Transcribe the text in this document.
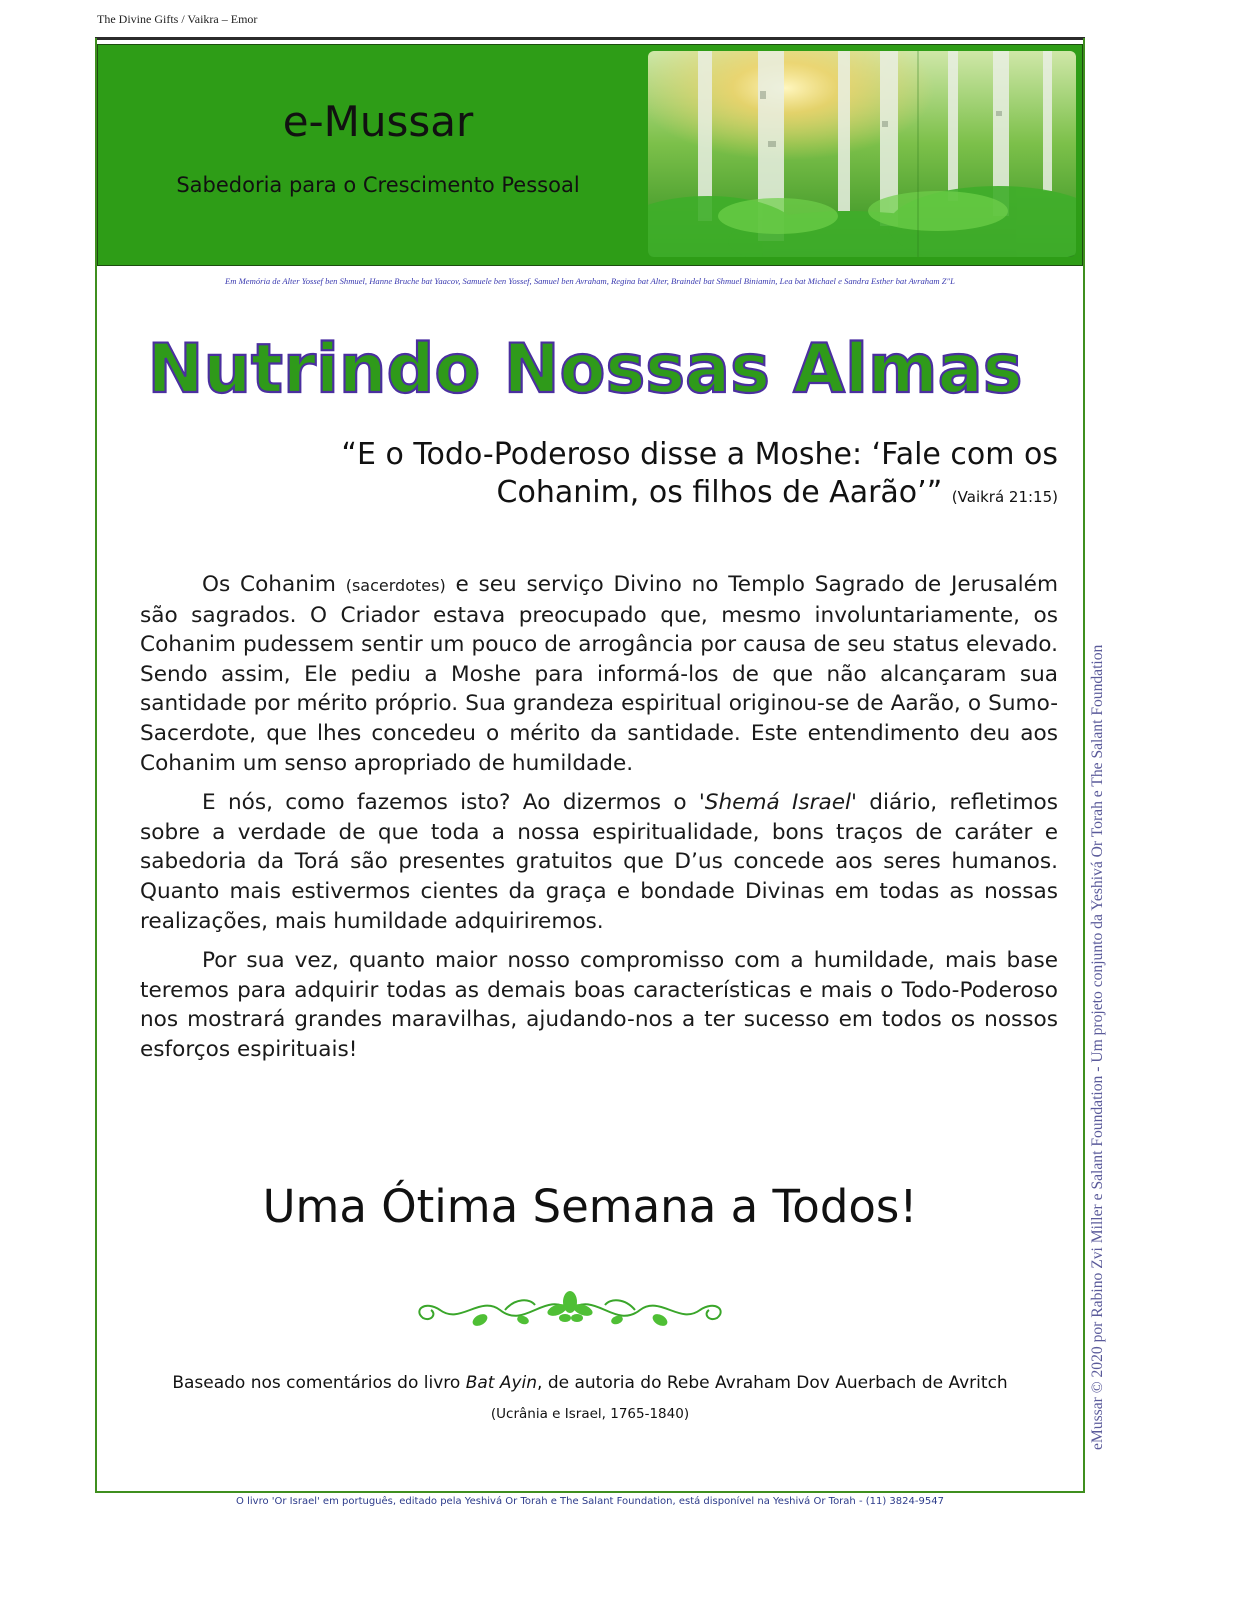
The Divine Gifts / Vaikra – Emor
e-Mussar
Sabedoria para o Crescimento Pessoal
Em Memória de Alter Yossef ben Shmuel, Hanne Bruche bat Yaacov, Samuele ben Yossef, Samuel ben Avraham, Regina bat Alter, Braindel bat Shmuel Biniamin, Lea bat Michael e Sandra Esther bat Avraham Z"L
Nutrindo Nossas Almas
“E o Todo-Poderoso disse a Moshe: ‘Fale com os
Cohanim, os filhos de Aarão’” (Vaikrá 21:15)

Os Cohanim (sacerdotes) e seu serviço Divino no Templo Sagrado de Jerusalém são sagrados. O Criador estava preocupado que, mesmo involuntariamente, os Cohanim pudessem sentir um pouco de arrogância por causa de seu status elevado. Sendo assim, Ele pediu a Moshe para informá-los de que não alcançaram sua santidade por mérito próprio. Sua grandeza espiritual originou-se de Aarão, o Sumo-Sacerdote, que lhes concedeu o mérito da santidade. Este entendimento deu aos Cohanim um senso apropriado de humildade.

E nós, como fazemos isto? Ao dizermos o 'Shemá Israel' diário, refletimos sobre a verdade de que toda a nossa espiritualidade, bons traços de caráter e sabedoria da Torá são presentes gratuitos que D’us concede aos seres humanos. Quanto mais estivermos cientes da graça e bondade Divinas em todas as nossas realizações, mais humildade adquiriremos.

Por sua vez, quanto maior nosso compromisso com a humildade, mais base teremos para adquirir todas as demais boas características e mais o Todo-Poderoso nos mostrará grandes maravilhas, ajudando-nos a ter sucesso em todos os nossos esforços espirituais!

Uma Ótima Semana a Todos!
Baseado nos comentários do livro Bat Ayin, de autoria do Rebe Avraham Dov Auerbach de Avritch
(Ucrânia e Israel, 1765-1840)
O livro 'Or Israel' em português, editado pela Yeshivá Or Torah e The Salant Foundation, está disponível na Yeshivá Or Torah - (11) 3824-9547
eMussar © 2020 por Rabino Zvi Miller e Salant Foundation - Um projeto conjunto da Yeshivá Or Torah e The Salant Foundation
